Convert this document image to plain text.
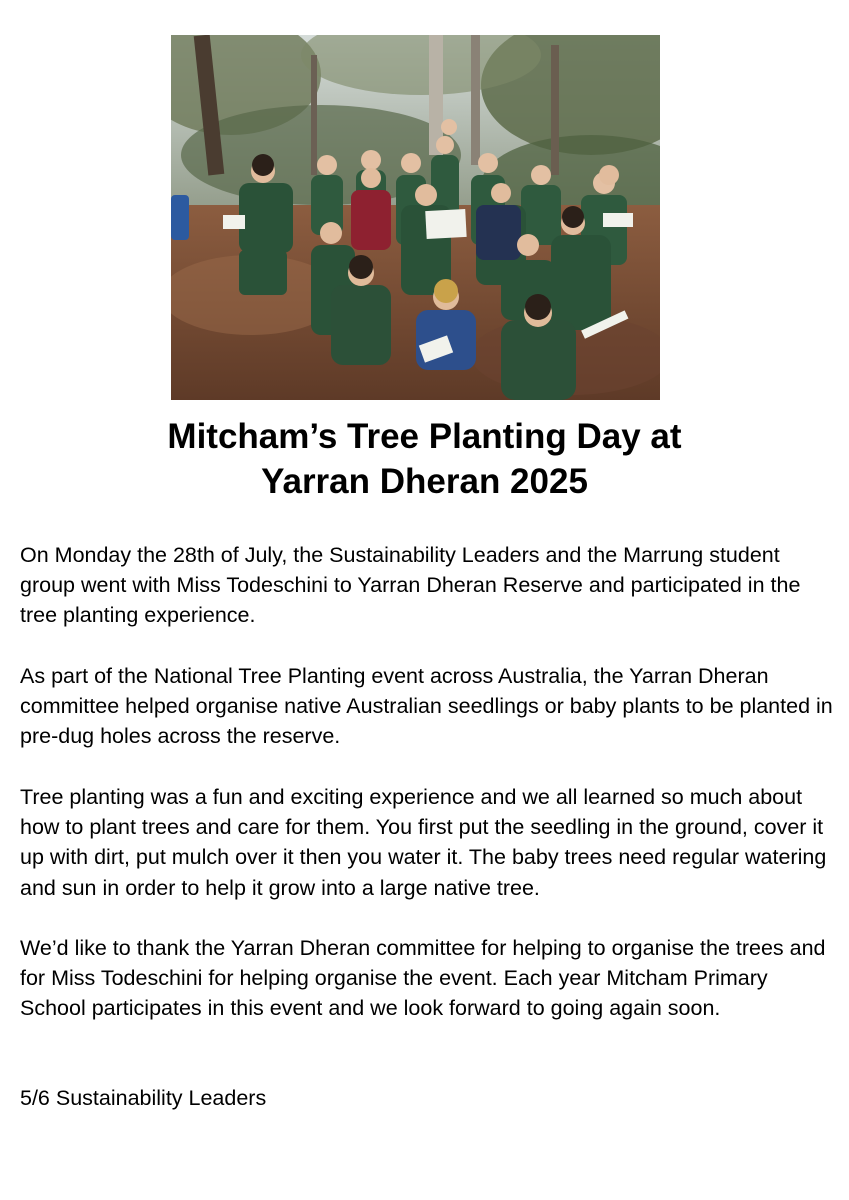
Mitcham’s Tree Planting Day at
Yarran Dheran 2025

On Monday the 28th of July, the Sustainability Leaders and the Marrung student group went with Miss Todeschini to Yarran Dheran Reserve and participated in the tree planting experience.

As part of the National Tree Planting event across Australia, the Yarran Dheran committee helped organise native Australian seedlings or baby plants to be planted in pre-dug holes across the reserve.

Tree planting was a fun and exciting experience and we all learned so much about how to plant trees and care for them. You first put the seedling in the ground, cover it up with dirt, put mulch over it then you water it. The baby trees need regular watering and sun in order to help it grow into a large native tree.

We’d like to thank the Yarran Dheran committee for helping to organise the trees and for Miss Todeschini for helping organise the event. Each year Mitcham Primary School participates in this event and we look forward to going again soon.

5/6 Sustainability Leaders
